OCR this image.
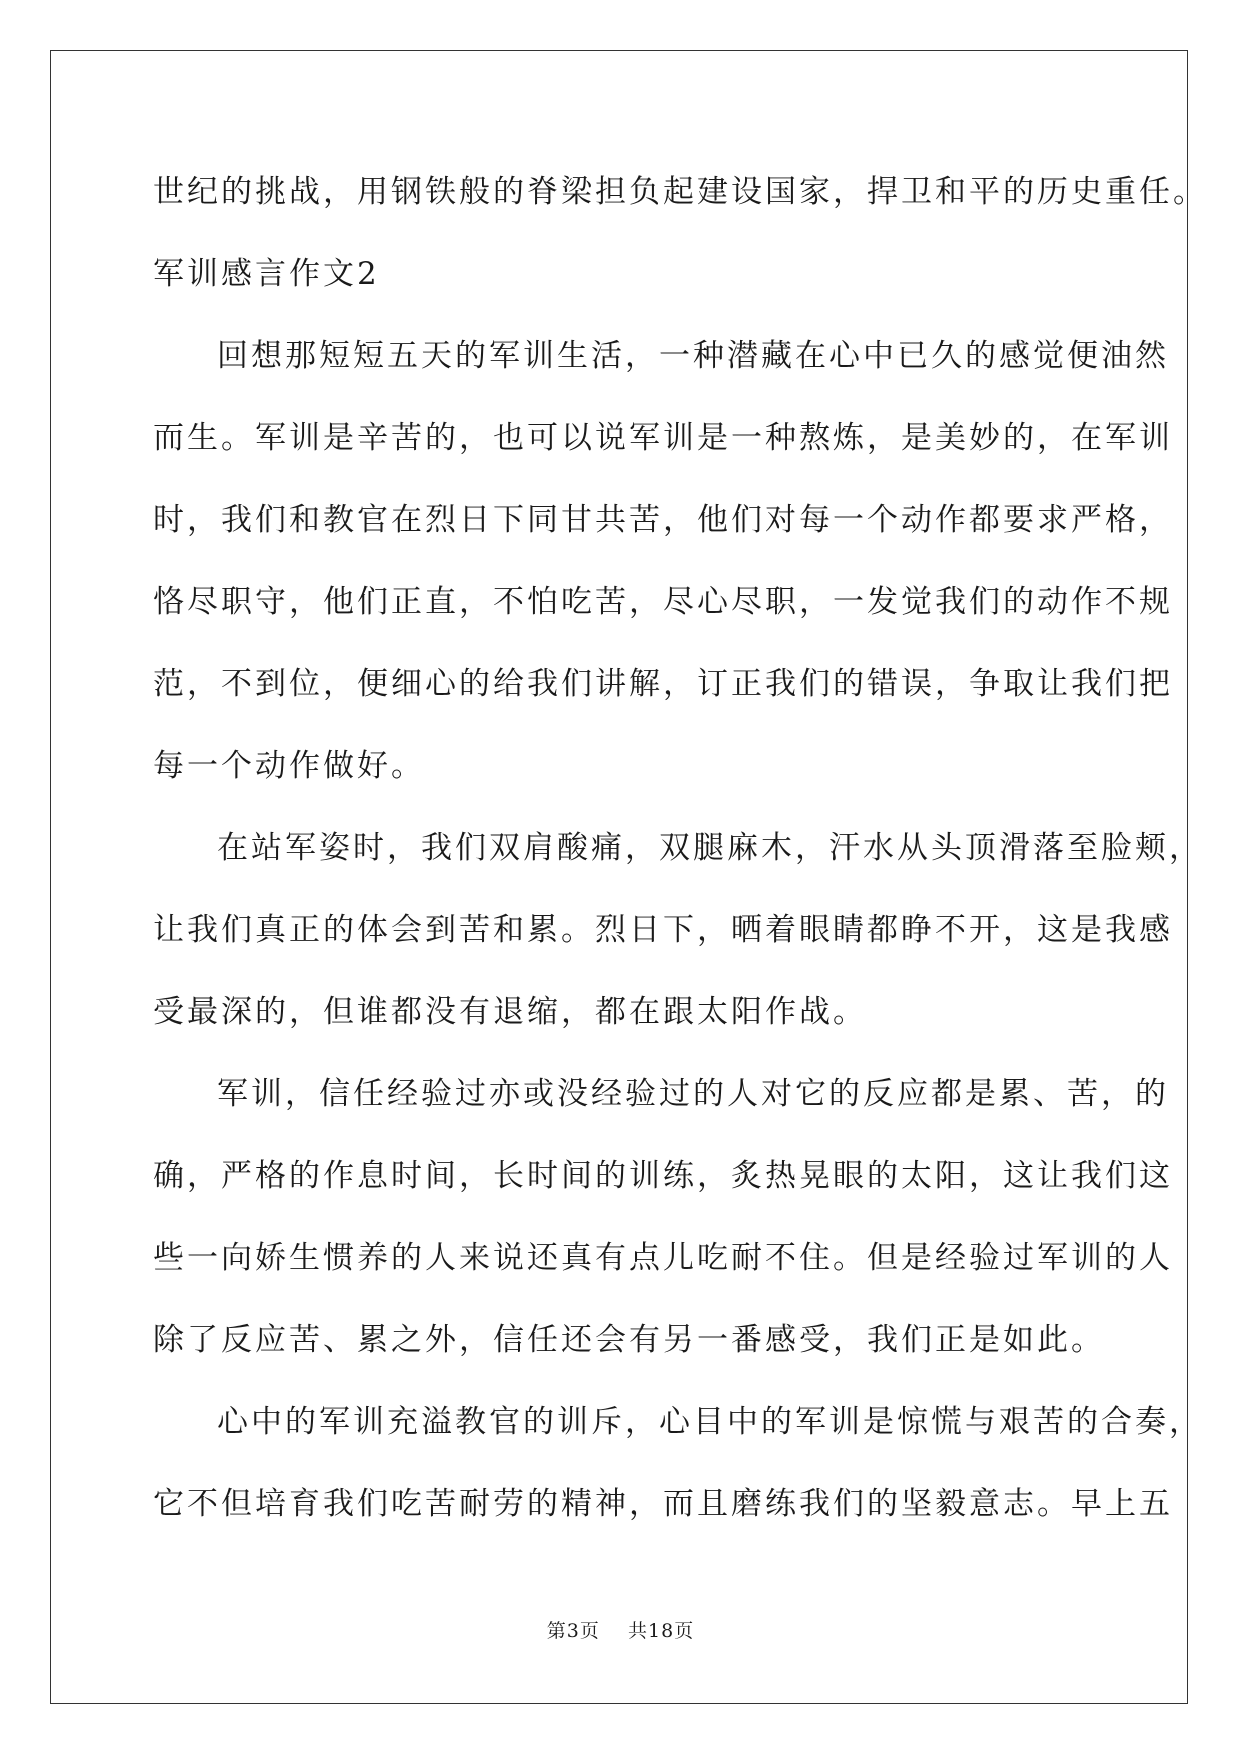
世纪的挑战，用钢铁般的脊梁担负起建设国家，捍卫和平的历史重任。
军训感言作文2
回想那短短五天的军训生活，一种潜藏在心中已久的感觉便油然
而生。军训是辛苦的，也可以说军训是一种熬炼，是美妙的，在军训
时，我们和教官在烈日下同甘共苦，他们对每一个动作都要求严格，
恪尽职守，他们正直，不怕吃苦，尽心尽职，一发觉我们的动作不规
范，不到位，便细心的给我们讲解，订正我们的错误，争取让我们把
每一个动作做好。
在站军姿时，我们双肩酸痛，双腿麻木，汗水从头顶滑落至脸颊，
让我们真正的体会到苦和累。烈日下，晒着眼睛都睁不开，这是我感
受最深的，但谁都没有退缩，都在跟太阳作战。
军训，信任经验过亦或没经验过的人对它的反应都是累、苦，的
确，严格的作息时间，长时间的训练，炙热晃眼的太阳，这让我们这
些一向娇生惯养的人来说还真有点儿吃耐不住。但是经验过军训的人
除了反应苦、累之外，信任还会有另一番感受，我们正是如此。
心中的军训充溢教官的训斥，心目中的军训是惊慌与艰苦的合奏，
它不但培育我们吃苦耐劳的精神，而且磨练我们的坚毅意志。早上五
第3页    共18页
